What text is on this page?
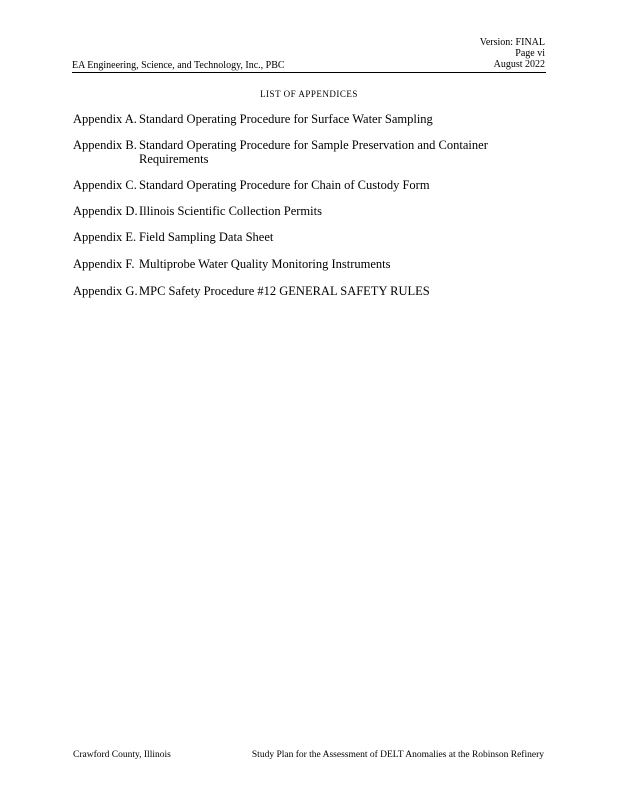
Version: FINAL
Page vi
August 2022
EA Engineering, Science, and Technology, Inc., PBC
LIST OF APPENDICES
Appendix A. Standard Operating Procedure for Surface Water Sampling
Appendix B. Standard Operating Procedure for Sample Preservation and Container Requirements
Appendix C. Standard Operating Procedure for Chain of Custody Form
Appendix D. Illinois Scientific Collection Permits
Appendix E. Field Sampling Data Sheet
Appendix F. Multiprobe Water Quality Monitoring Instruments
Appendix G. MPC Safety Procedure #12 GENERAL SAFETY RULES
Crawford County, Illinois	Study Plan for the Assessment of DELT Anomalies at the Robinson Refinery
